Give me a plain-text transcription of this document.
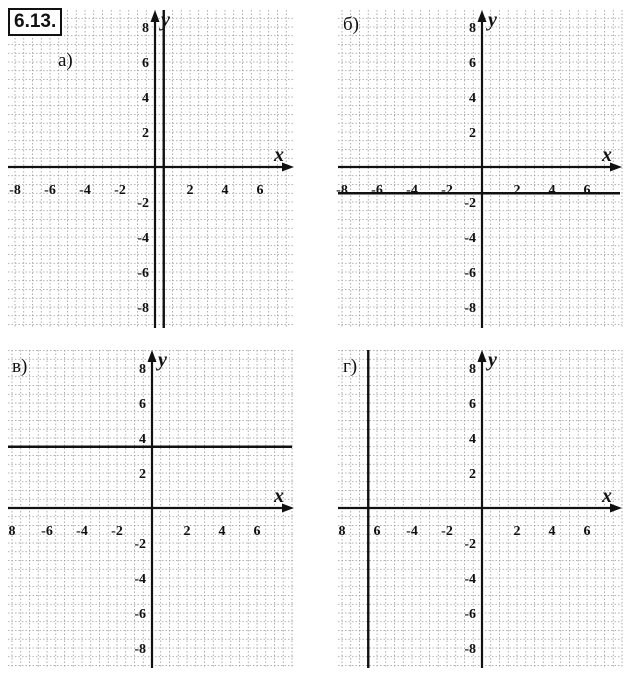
x
y
-8 -6 -4 -2	2 4 6
8
6
4
2
-2
-4
-6
-8
а)
x
y
-8 -6 -4 -2	2 4 6
8
6
4
2
-2
-4
-6
-8
б)
x
y
8 -6 -4 -2	2 4 6
8
6
4
2
-2
-4
-6
-8
в)
x
y
8 6 -4 -2	2 4 6
8
6
4
2
-2
-4
-6
-8
г)
6.13.
